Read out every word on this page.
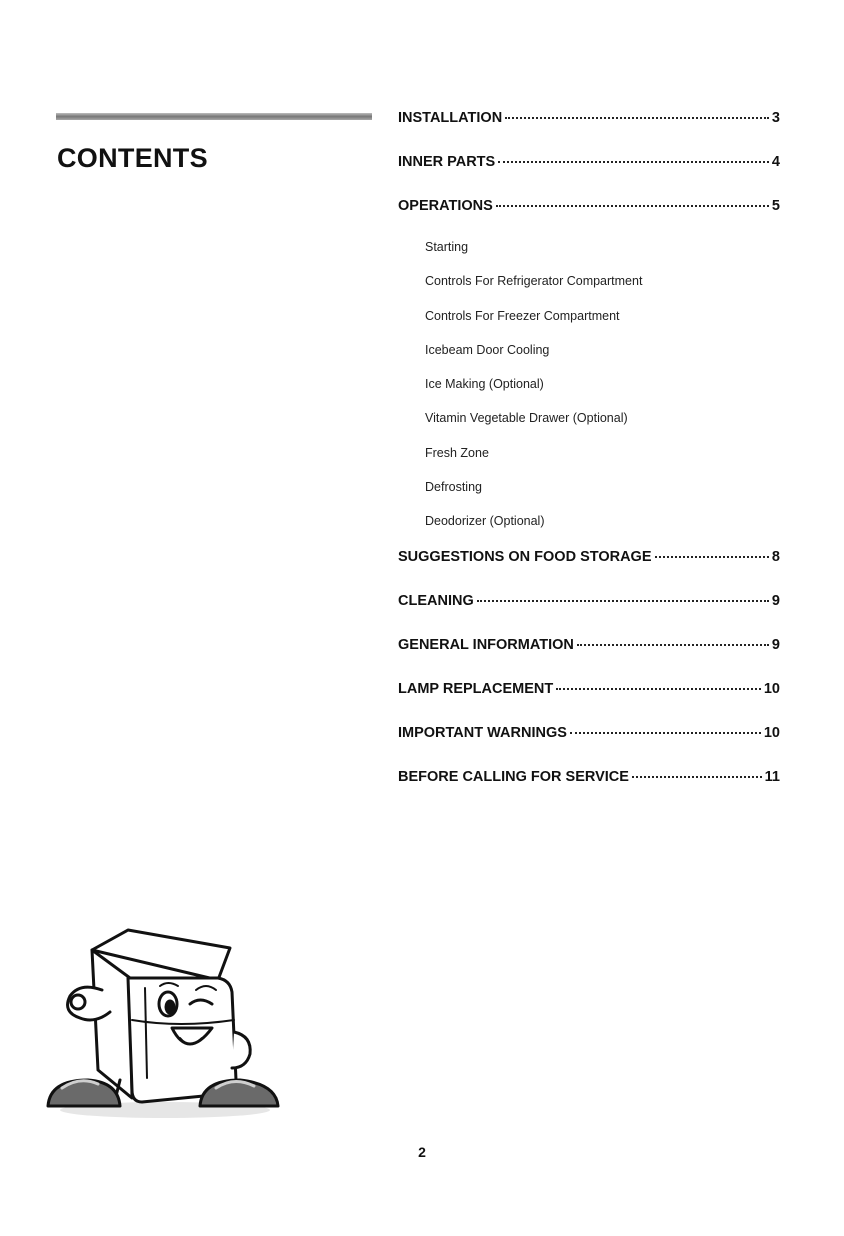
CONTENTS
INSTALLATION	3
INNER PARTS	4
OPERATIONS	5
Starting
Controls For Refrigerator Compartment
Controls For Freezer Compartment
Icebeam Door Cooling
Ice Making (Optional)
Vitamin Vegetable Drawer (Optional)
Fresh Zone
Defrosting
Deodorizer (Optional)
SUGGESTIONS ON FOOD STORAGE	8
CLEANING	9
GENERAL INFORMATION	9
LAMP REPLACEMENT	10
IMPORTANT WARNINGS	10
BEFORE CALLING FOR SERVICE	11
2
